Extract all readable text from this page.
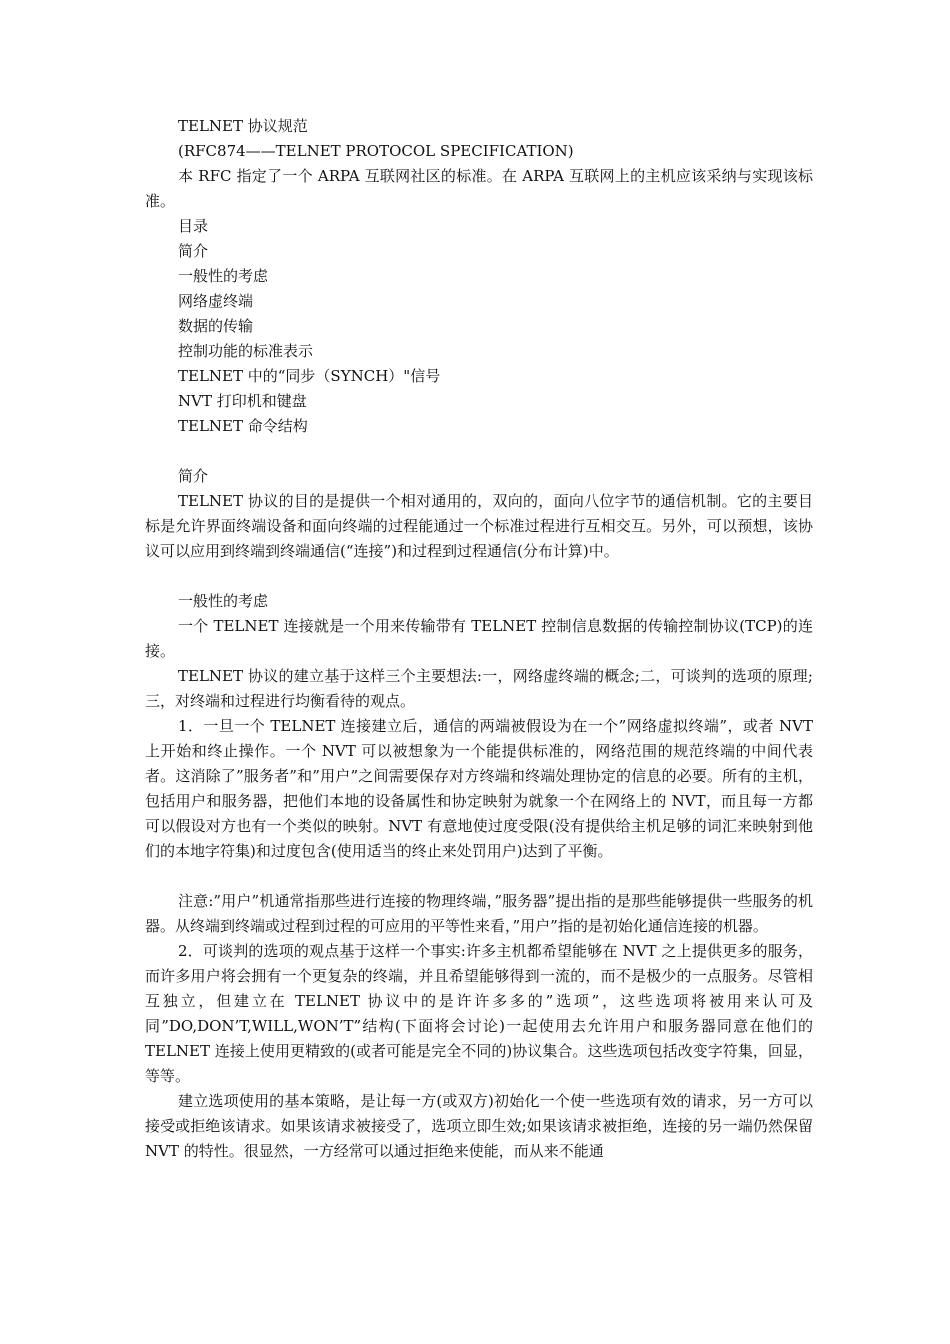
TELNET 协议规范

(RFC874——TELNET PROTOCOL SPECIFICATION)

本 RFC 指定了一个 ARPA 互联网社区的标准。在 ARPA 互联网上的主机应该采纳与实现该标准。

目录

简介

一般性的考虑

网络虚终端

数据的传输

控制功能的标准表示

TELNET 中的“同步（SYNCH）"信号

NVT 打印机和键盘

TELNET 命令结构

简介

TELNET 协议的目的是提供一个相对通用的，双向的，面向八位字节的通信机制。它的主要目标是允许界面终端设备和面向终端的过程能通过一个标准过程进行互相交互。另外，可以预想，该协议可以应用到终端到终端通信(“连接”)和过程到过程通信(分布计算)中。

一般性的考虑

一个 TELNET 连接就是一个用来传输带有 TELNET 控制信息数据的传输控制协议(TCP)的连接。

TELNET 协议的建立基于这样三个主要想法:一，网络虚终端的概念;二，可谈判的选项的原理;三，对终端和过程进行均衡看待的观点。

1．一旦一个 TELNET 连接建立后，通信的两端被假设为在一个”网络虚拟终端”，或者 NVT 上开始和终止操作。一个 NVT 可以被想象为一个能提供标准的，网络范围的规范终端的中间代表者。这消除了”服务者”和”用户”之间需要保存对方终端和终端处理协定的信息的必要。所有的主机，包括用户和服务器，把他们本地的设备属性和协定映射为就象一个在网络上的 NVT，而且每一方都可以假设对方也有一个类似的映射。NVT 有意地使过度受限(没有提供给主机足够的词汇来映射到他们的本地字符集)和过度包含(使用适当的终止来处罚用户)达到了平衡。

注意:”用户”机通常指那些进行连接的物理终端，”服务器”提出指的是那些能够提供一些服务的机器。从终端到终端或过程到过程的可应用的平等性来看，”用户”指的是初始化通信连接的机器。

2．可谈判的选项的观点基于这样一个事实:许多主机都希望能够在 NVT 之上提供更多的服务，而许多用户将会拥有一个更复杂的终端，并且希望能够得到一流的，而不是极少的一点服务。尽管相互独立，但建立在 TELNET 协议中的是许许多多的”选项”，这些选项将被用来认可及同”DO,DON’T,WILL,WON’T”结构(下面将会讨论)一起使用去允许用户和服务器同意在他们的 TELNET 连接上使用更精致的(或者可能是完全不同的)协议集合。这些选项包括改变字符集，回显，等等。

建立选项使用的基本策略，是让每一方(或双方)初始化一个使一些选项有效的请求，另一方可以接受或拒绝该请求。如果该请求被接受了，选项立即生效;如果该请求被拒绝，连接的另一端仍然保留 NVT 的特性。很显然，一方经常可以通过拒绝来使能，而从来不能通
